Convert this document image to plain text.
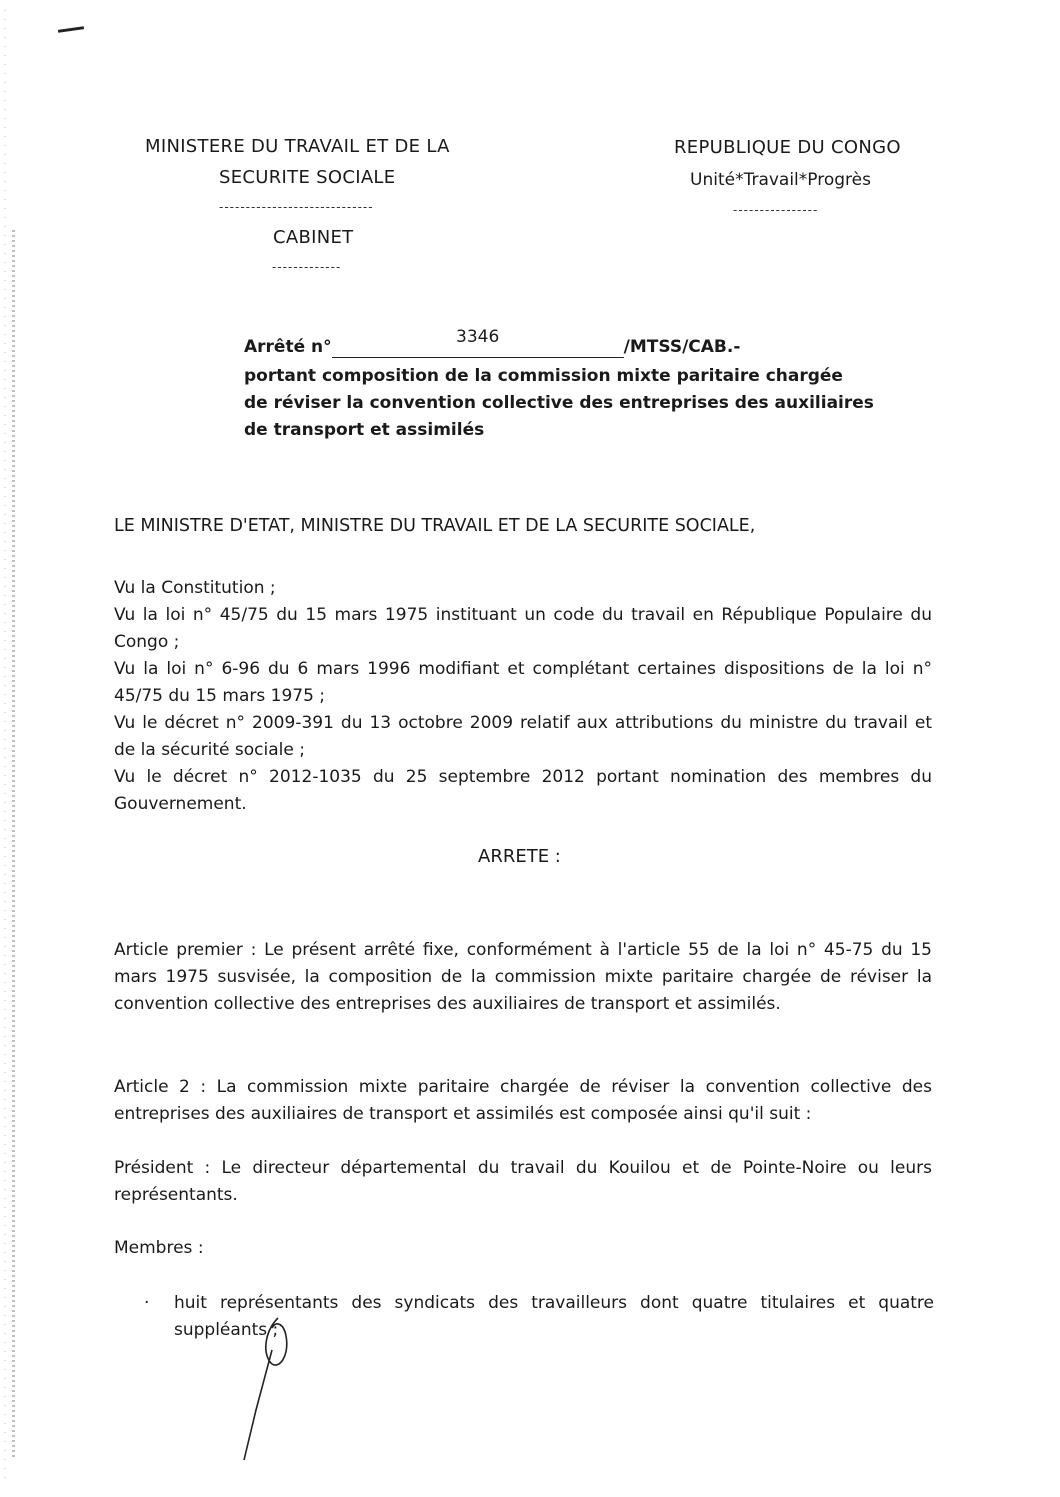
MINISTERE DU TRAVAIL ET DE LA
SECURITE SOCIALE
-----------------------------
CABINET
-------------
REPUBLIQUE DU CONGO
Unité*Travail*Progrès
----------------
Arrêté n°	3346	/MTSS/CAB.-
portant composition de la commission mixte paritaire chargée
de réviser la convention collective des entreprises des auxiliaires
de transport et assimilés
LE MINISTRE D'ETAT, MINISTRE DU TRAVAIL ET DE LA SECURITE SOCIALE,
Vu la Constitution ;
Vu la loi n° 45/75 du 15 mars 1975 instituant un code du travail en République Populaire du Congo ;
Vu la loi n° 6-96 du 6 mars 1996 modifiant et complétant certaines dispositions de la loi n° 45/75 du 15 mars 1975 ;
Vu le décret n° 2009-391 du 13 octobre 2009 relatif aux attributions du ministre du travail et de la sécurité sociale ;
Vu le décret n° 2012-1035 du 25 septembre 2012 portant nomination des membres du Gouvernement.
ARRETE :
Article premier : Le présent arrêté fixe, conformément à l'article 55 de la loi n° 45-75 du 15 mars 1975 susvisée, la composition de la commission mixte paritaire chargée de réviser la convention collective des entreprises des auxiliaires de transport et assimilés.
Article 2 : La commission mixte paritaire chargée de réviser la convention collective des entreprises des auxiliaires de transport et assimilés est composée ainsi qu'il suit :
Président : Le directeur départemental du travail du Kouilou et de Pointe-Noire ou leurs représentants.
Membres :
· huit représentants des syndicats des travailleurs dont quatre titulaires et quatre suppléants ;
